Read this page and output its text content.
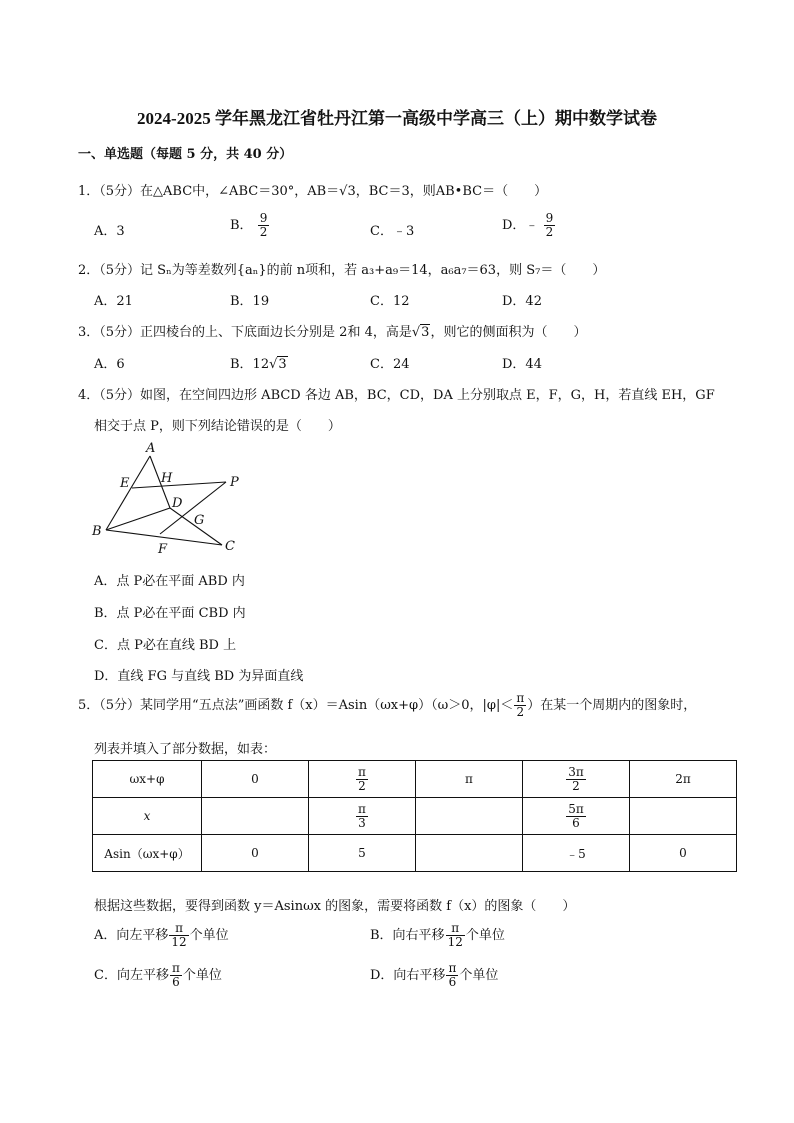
2024-2025 学年黑龙江省牡丹江第一高级中学高三（上）期中数学试卷
一、单选题（每题 5 分，共 40 分）
1．（5分）在△ABC中，∠ABC＝30°，AB＝√3，BC＝3，则AB•BC＝（　　）
A．3	B． $\frac{9}{2}$	C．﹣3	D．﹣ $\frac{9}{2}$
2．（5分）记 Sₙ为等差数列{aₙ}的前 n项和，若 a₃+a₉＝14，a₆a₇＝63，则 S₇＝（　　）
A．21	B．19	C．12	D．42
3．（5分）正四棱台的上、下底面边长分别是 2和 4，高是√3，则它的侧面积为（　　）
A．6	B．12√3	C．24	D．44
4．（5分）如图，在空间四边形 ABCD 各边 AB，BC，CD，DA 上分别取点 E，F，G，H，若直线 EH，GF
相交于点 P，则下列结论错误的是（　　）
A
H
E	P
D
G
B
F	C
A．点 P必在平面 ABD 内
B．点 P必在平面 CBD 内
C．点 P必在直线 BD 上
D．直线 FG 与直线 BD 为异面直线
5．（5分）某同学用“五点法”画函数 f（x）＝Asin（ωx+φ）（ω＞0，$|\varphi|< \frac{\pi}{2}$ ）在某一个周期内的图象时，
列表并填入了部分数据，如表：
ωx+φ	0	$\frac{\pi}{2}$	π	$\frac{3\pi}{2}$	2π
x		$\frac{\pi}{3}$		$\frac{5\pi}{6}$

Asin（ωx+φ）	0	5		﹣5	0
根据这些数据，要得到函数 y＝Asinωx 的图象，需要将函数 f（x）的图象（　　）
A．向左平移 $\frac{\pi}{12}$ 个单位	B．向右平移 $\frac{\pi}{12}$ 个单位
C．向左平移 $\frac{\pi}{6}$ 个单位	D．向右平移 $\frac{\pi}{6}$ 个单位
